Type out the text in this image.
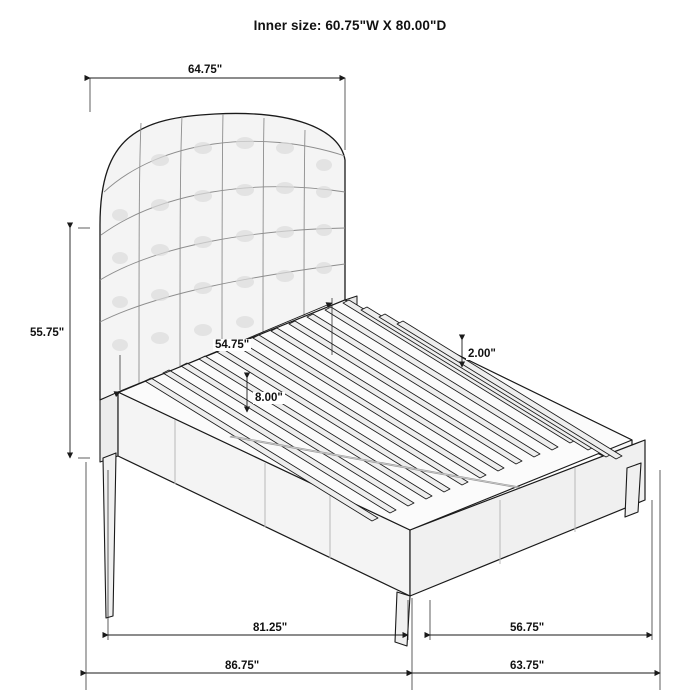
Inner size: 60.75"W X 80.00"D
64.75"
55.75"
54.75"
2.00"
8.00"
81.25"	56.75"
86.75"	63.75"
